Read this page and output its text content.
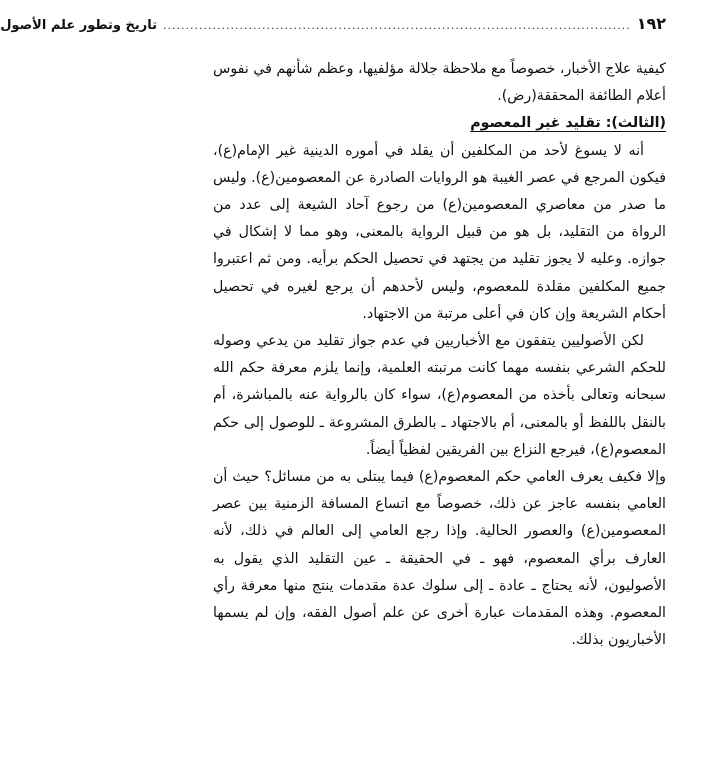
١٩٢
........................................................................................................
تاريخ وتطور علم الأصول

كيفية علاج الأخبار، خصوصاً مع ملاحظة جلالة مؤلفيها، وعظم شأنهم في نفوس أعلام الطائفة المحققة(رض).

(الثالث): تقليد غير المعصوم

أنه لا يسوغ لأحد من المكلفين أن يقلد في أموره الدينية غير الإمام(ع)، فيكون المرجع في عصر الغيبة هو الروايات الصادرة عن المعصومين(ع). وليس ما صدر من معاصري المعصومين(ع) من رجوع آحاد الشيعة إلى عدد من الرواة من التقليد، بل هو من قبيل الرواية بالمعنى، وهو مما لا إشكال في جوازه. وعليه لا يجوز تقليد من يجتهد في تحصيل الحكم برأيه. ومن ثم اعتبروا جميع المكلفين مقلدة للمعصوم، وليس لأحدهم أن يرجع لغيره في تحصيل أحكام الشريعة وإن كان في أعلى مرتبة من الاجتهاد.

لكن الأصوليين يتفقون مع الأخباريين في عدم جواز تقليد من يدعي وصوله للحكم الشرعي بنفسه مهما كانت مرتبته العلمية، وإنما يلزم معرفة حكم الله سبحانه وتعالى بأخذه من المعصوم(ع)، سواء كان بالرواية عنه بالمباشرة، أم بالنقل باللفظ أو بالمعنى، أم بالاجتهاد ـ بالطرق المشروعة ـ للوصول إلى حكم المعصوم(ع)، فيرجع النزاع بين الفريقين لفظياً أيضاً.

وإلا فكيف يعرف العامي حكم المعصوم(ع) فيما يبتلى به من مسائل؟ حيث أن العامي بنفسه عاجز عن ذلك، خصوصاً مع اتساع المسافة الزمنية بين عصر المعصومين(ع) والعصور الحالية. وإذا رجع العامي إلى العالم في ذلك، لأنه العارف برأي المعصوم، فهو ـ في الحقيقة ـ عين التقليد الذي يقول به الأصوليون، لأنه يحتاج ـ عادة ـ إلى سلوك عدة مقدمات ينتج منها معرفة رأي المعصوم. وهذه المقدمات عبارة أخرى عن علم أصول الفقه، وإن لم يسمها الأخباريون بذلك.
